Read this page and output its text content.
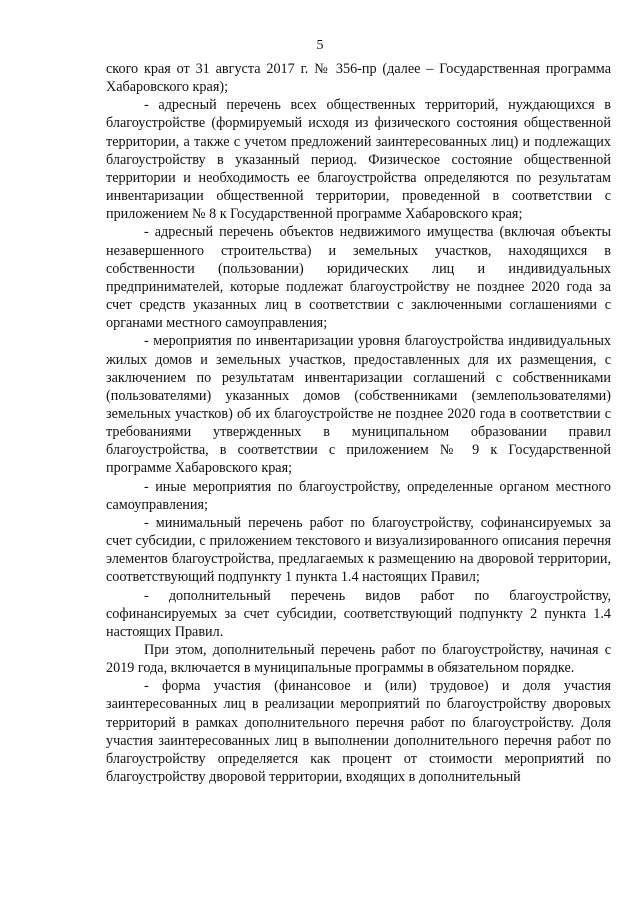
5

ского края от 31 августа 2017 г. № 356-пр (далее – Государственная программа Хабаровского края);

- адресный перечень всех общественных территорий, нуждающихся в благоустройстве (формируемый исходя из физического состояния общественной территории, а также с учетом предложений заинтересованных лиц) и подлежащих благоустройству в указанный период. Физическое состояние общественной территории и необходимость ее благоустройства определяются по результатам инвентаризации общественной территории, проведенной в соответствии с приложением № 8 к Государственной программе Хабаровского края;

- адресный перечень объектов недвижимого имущества (включая объекты незавершенного строительства) и земельных участков, находящихся в собственности (пользовании) юридических лиц и индивидуальных предпринимателей, которые подлежат благоустройству не позднее 2020 года за счет средств указанных лиц в соответствии с заключенными соглашениями с органами местного самоуправления;

- мероприятия по инвентаризации уровня благоустройства индивидуальных жилых домов и земельных участков, предоставленных для их размещения, с заключением по результатам инвентаризации соглашений с собственниками (пользователями) указанных домов (собственниками (землепользователями) земельных участков) об их благоустройстве не позднее 2020 года в соответствии с требованиями утвержденных в муниципальном образовании правил благоустройства, в соответствии с приложением № 9 к Государственной программе Хабаровского края;

- иные мероприятия по благоустройству, определенные органом местного самоуправления;

- минимальный перечень работ по благоустройству, софинансируемых за счет субсидии, с приложением текстового и визуализированного описания перечня элементов благоустройства, предлагаемых к размещению на дворовой территории, соответствующий подпункту 1 пункта 1.4 настоящих Правил;

- дополнительный перечень видов работ по благоустройству, софинансируемых за счет субсидии, соответствующий подпункту 2 пункта 1.4 настоящих Правил.

При этом, дополнительный перечень работ по благоустройству, начиная с 2019 года, включается в муниципальные программы в обязательном порядке.

- форма участия (финансовое и (или) трудовое) и доля участия заинтересованных лиц в реализации мероприятий по благоустройству дворовых территорий в рамках дополнительного перечня работ по благоустройству. Доля участия заинтересованных лиц в выполнении дополнительного перечня работ по благоустройству определяется как процент от стоимости мероприятий по благоустройству дворовой территории, входящих в дополнительный
